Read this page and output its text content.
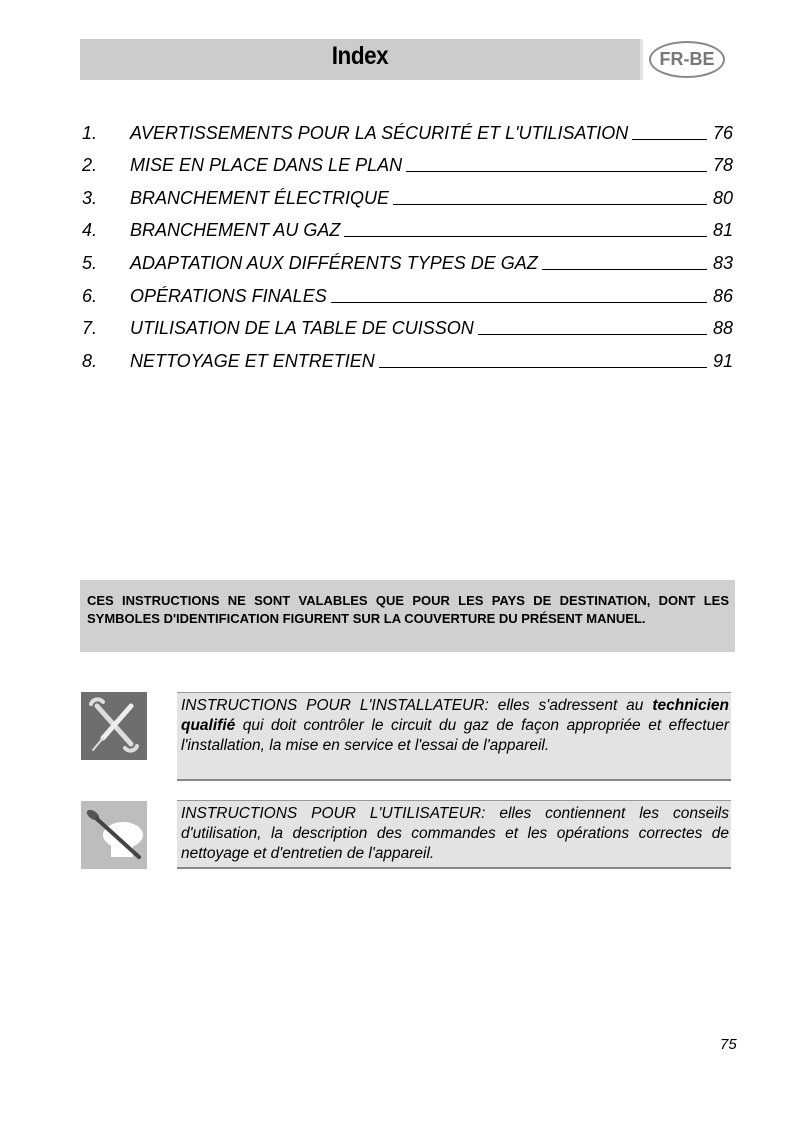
Index	FR-BE
1.	AVERTISSEMENTS POUR LA SÉCURITÉ ET L'UTILISATION	76
2.	MISE EN PLACE DANS LE PLAN	78
3.	BRANCHEMENT ÉLECTRIQUE	80
4.	BRANCHEMENT AU GAZ	81
5.	ADAPTATION AUX DIFFÉRENTS TYPES DE GAZ	83
6.	OPÉRATIONS FINALES	86
7.	UTILISATION DE LA TABLE DE CUISSON	88
8.	NETTOYAGE ET ENTRETIEN	91
CES INSTRUCTIONS NE SONT VALABLES QUE POUR LES PAYS DE DESTINATION, DONT LES SYMBOLES D'IDENTIFICATION FIGURENT SUR LA COUVERTURE DU PRÉSENT MANUEL.
INSTRUCTIONS POUR L'INSTALLATEUR: elles s'adressent au technicien qualifié qui doit contrôler le circuit du gaz de façon appropriée et effectuer l'installation, la mise en service et l'essai de l'appareil.
INSTRUCTIONS POUR L'UTILISATEUR: elles contiennent les conseils d'utilisation, la description des commandes et les opérations correctes de nettoyage et d'entretien de l'appareil.
75
